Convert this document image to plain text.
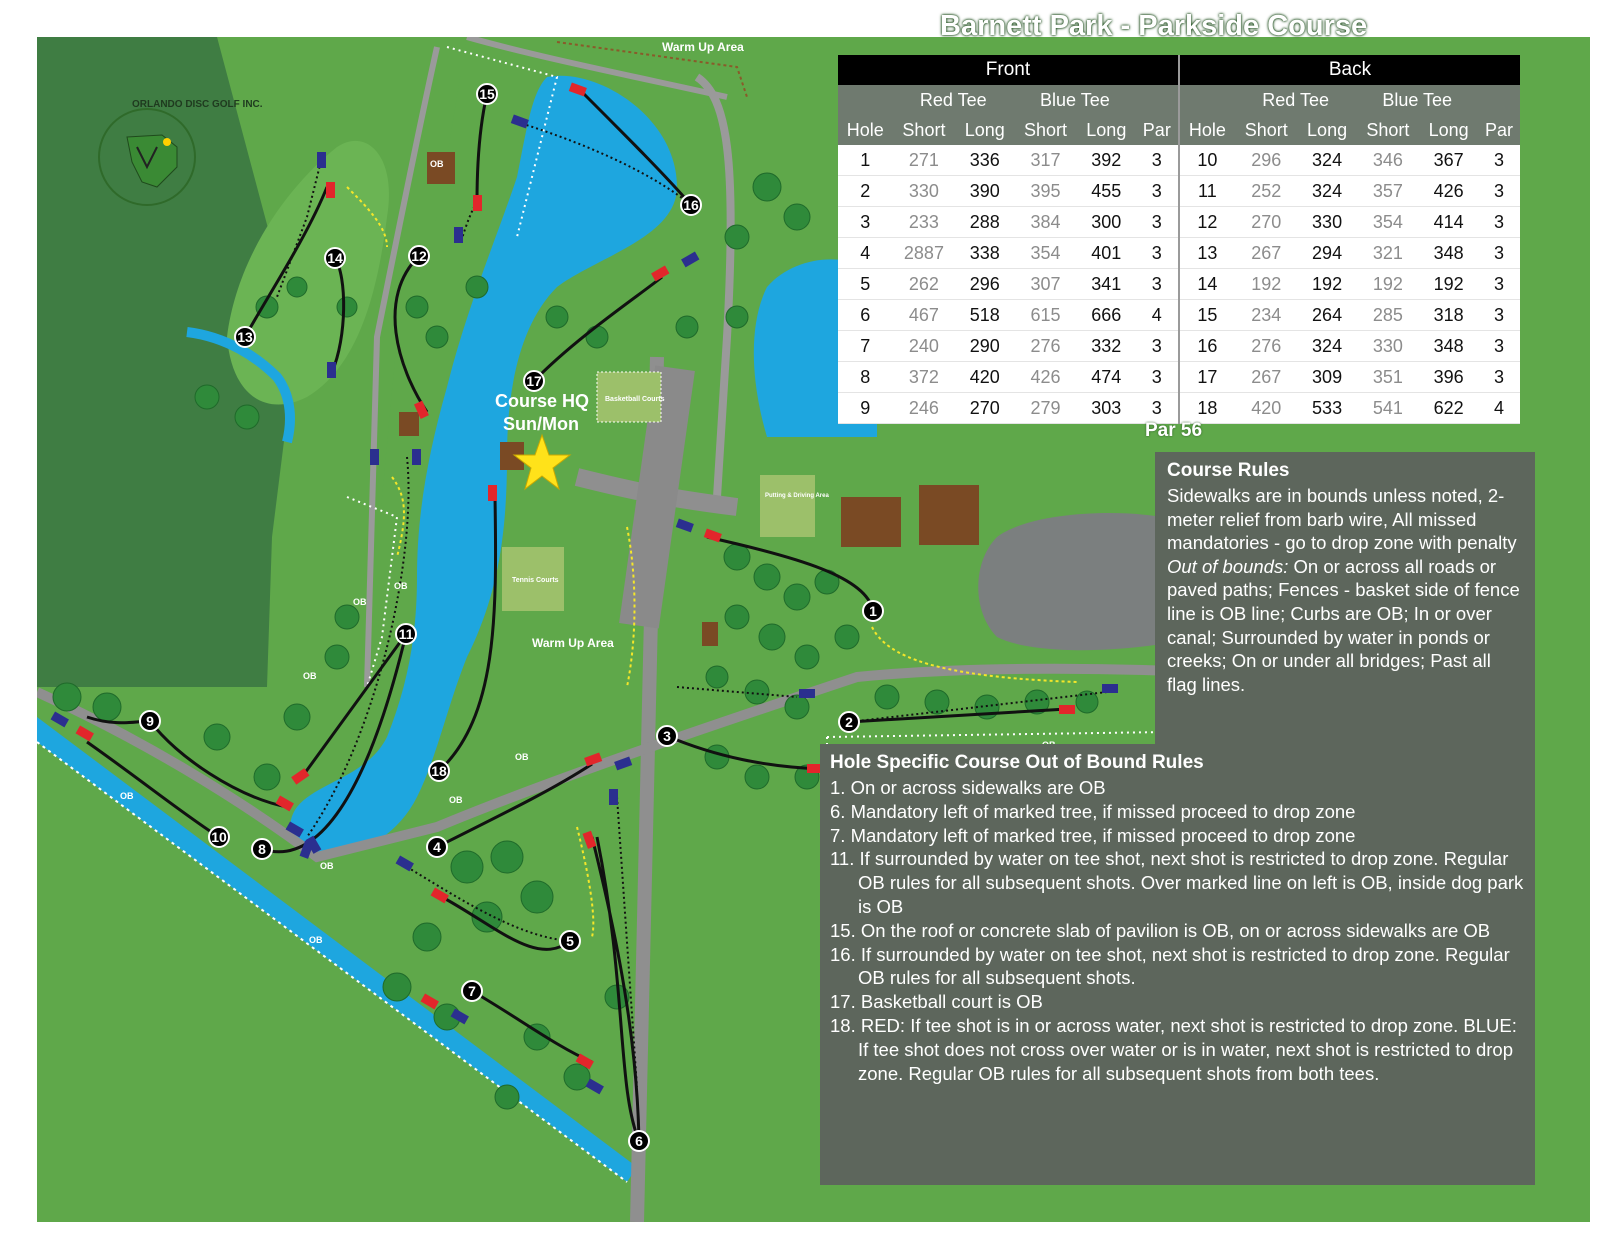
ORLANDO DISC GOLF INC.
Warm Up Area
Warm Up Area
Course HQ
Sun/Mon
Basketball Courts
Tennis Courts
Putting & Driving Area
OB
OB
OB
OB
OB
OB
OB
OB
OB
1
2
3
4
5
6
7
8
9
10
11
12
13
14
15
16
17
18
Barnett Park - Parkside Course
Front						Back					
	Red Tee		Blue Tee				Red Tee		Blue Tee		
Hole	Short	Long	Short	Long	Par	Hole	Short	Long	Short	Long	Par
1	271	336	317	392	3	10	296	324	346	367	3
2	330	390	395	455	3	11	252	324	357	426	3
3	233	288	384	300	3	12	270	330	354	414	3
4	2887	338	354	401	3	13	267	294	321	348	3
5	262	296	307	341	3	14	192	192	192	192	3
6	467	518	615	666	4	15	234	264	285	318	3
7	240	290	276	332	3	16	276	324	330	348	3
8	372	420	426	474	3	17	267	309	351	396	3
9	246	270	279	303	3	18	420	533	541	622	4
Par 56
Course Rules
Sidewalks are in bounds unless noted, 2-meter relief from barb wire, All missed mandatories - go to drop zone with penalty Out of bounds: On or across all roads or paved paths; Fences - basket side of fence line is OB line; Curbs are OB; In or over canal; Surrounded by water in ponds or creeks; On or under all bridges; Past all flag lines.
Hole Specific Course Out of Bound Rules
1. On or across sidewalks are OB
6. Mandatory left of marked tree, if missed proceed to drop zone
7. Mandatory left of marked tree, if missed proceed to drop zone
11. If surrounded by water on tee shot, next shot is restricted to drop zone. Regular OB rules for all subsequent shots. Over marked line on left is OB, inside dog park is OB
15. On the roof or concrete slab of pavilion is OB, on or across sidewalks are OB
16. If surrounded by water on tee shot, next shot is restricted to drop zone. Regular OB rules for all subsequent shots.
17. Basketball court is OB
18. RED: If tee shot is in or across water, next shot is restricted to drop zone. BLUE: If tee shot does not cross over water or is in water, next shot is restricted to drop zone. Regular OB rules for all subsequent shots from both tees.
